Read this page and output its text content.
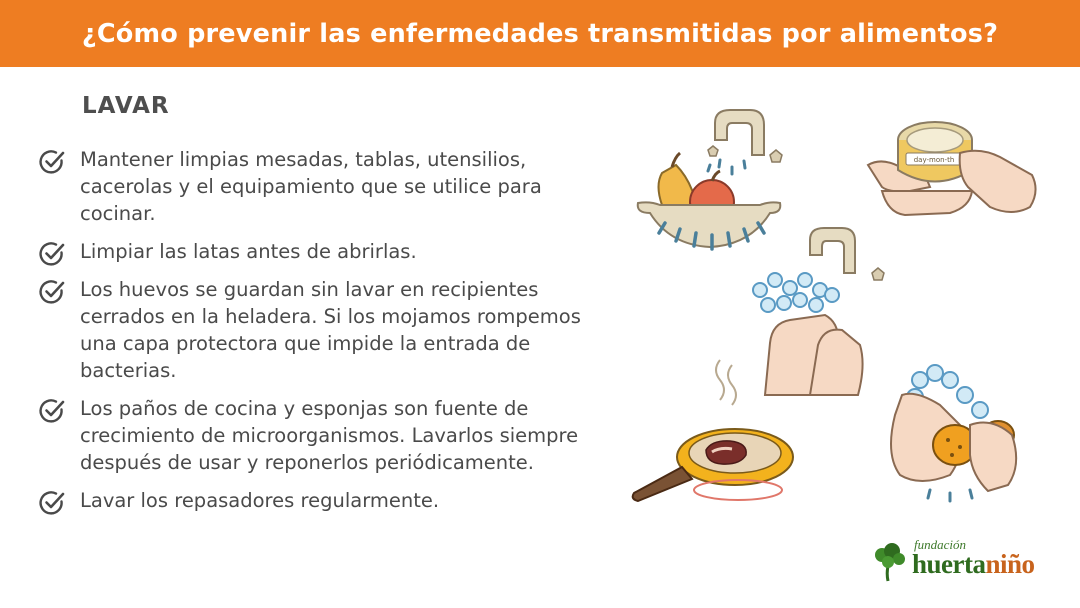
¿Cómo prevenir las enfermedades transmitidas por alimentos?
LAVAR
Mantener limpias mesadas, tablas, utensilios, cacerolas y el equipamiento que se utilice para cocinar.
Limpiar las latas antes de abrirlas.
Los huevos se guardan sin lavar en recipientes cerrados en la heladera. Si los mojamos rompemos una capa protectora que impide la entrada de bacterias.
Los paños de cocina y esponjas son fuente de crecimiento de microorganismos. Lavarlos siempre después de usar y reponerlos periódicamente.
Lavar los repasadores regularmente.
day-mon-th
fundación
huertaniño
